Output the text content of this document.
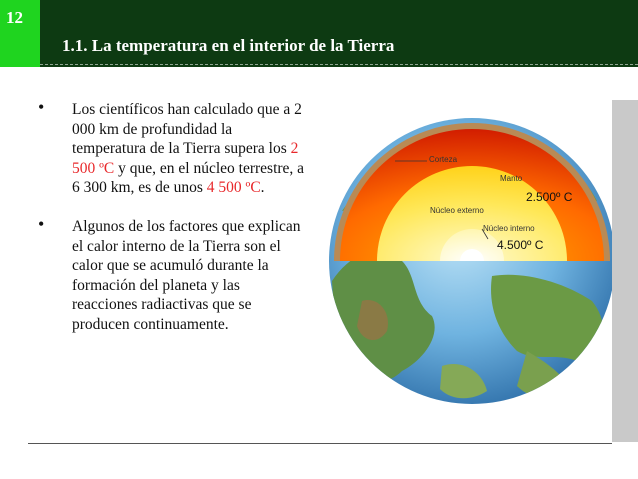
12
1.1. La temperatura en el interior de la Tierra
• Los científicos han calculado que a 2 000 km de profundidad la temperatura de la Tierra supera los 2 500 ºC y que, en el núcleo terrestre, a 6 300 km, es de unos 4 500 ºC.
• Algunos de los factores que explican el calor interno de la Tierra son el calor que se acumuló durante la formación del planeta y las reacciones radiactivas que se producen continuamente.
Corteza
Manto
Núcleo externo
Núcleo interno
2.500º C
4.500º C
